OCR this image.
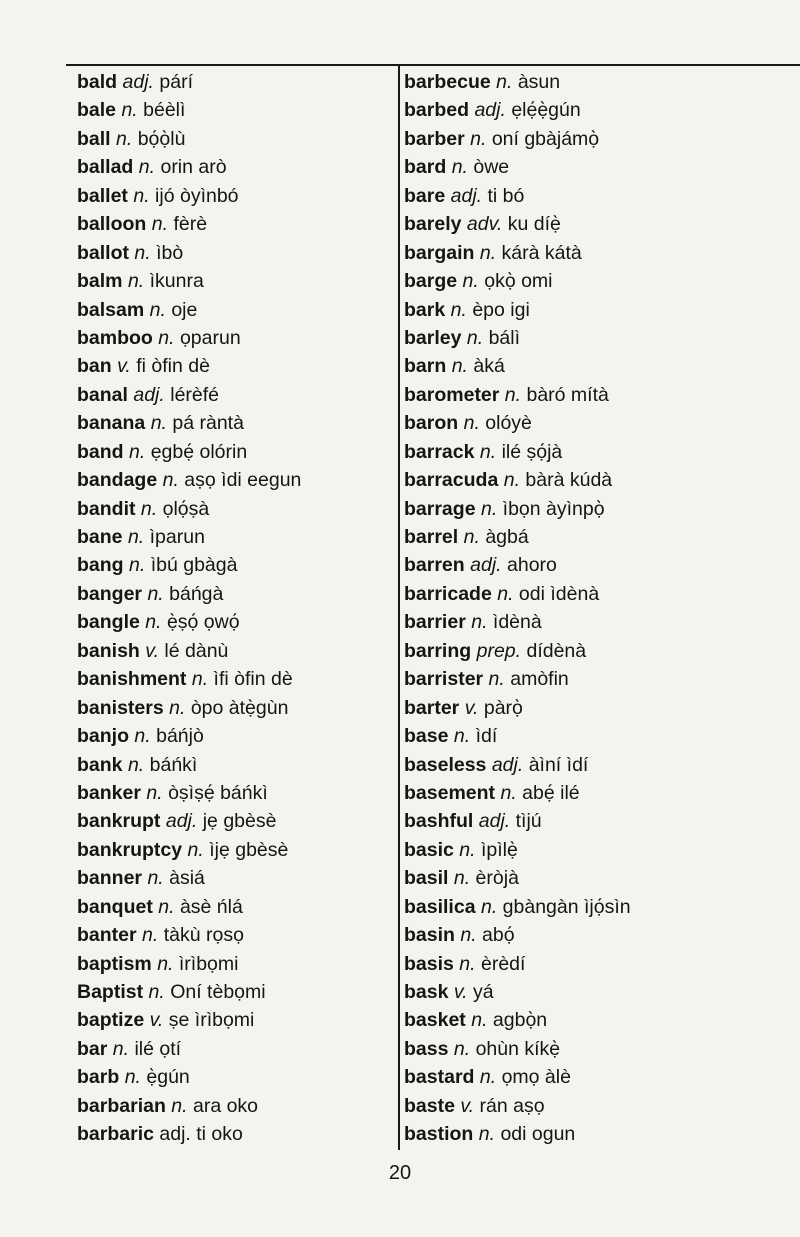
bald adj. párí
bale n. béèlì
ball n. bọ́ọ̀lù
ballad n. orin arò
ballet n. ijó òyìnbó
balloon n. fèrè
ballot n. ìbò
balm n. ìkunra
balsam n. oje
bamboo n. ọparun
ban v. fi òfin dè
banal adj. lérèfé
banana n. pá ràntà
band n. ẹgbẹ́ olórin
bandage n. aṣọ ìdi eegun
bandit n. ọlọ́ṣà
bane n. ìparun
bang n. ìbú gbàgà
banger n. báńgà
bangle n. ẹ̀ṣọ́ ọwọ́
banish v. lé dànù
banishment n. ìfi òfin dè
banisters n. òpo àtẹ̀gùn
banjo n. báńjò
bank n. báńkì
banker n. òṣìṣẹ́ báńkì
bankrupt adj. jẹ gbèsè
bankruptcy n. ìjẹ gbèsè
banner n. àsiá
banquet n. àsè ńlá
banter n. tàkù rọsọ
baptism n. ìrìbọmi
Baptist n. Oní tèbọmi
baptize v. ṣe ìrìbọmi
bar n. ilé ọtí
barb n. ẹ̀gún
barbarian n. ara oko
barbaric adj. ti oko
barbecue n. àsun
barbed adj. ẹlẹ́ẹ̀gún
barber n. oní gbàjámọ̀
bard n. òwe
bare adj. ti bó
barely adv. ku díẹ̀
bargain n. kárà kátà
barge n. ọkọ̀ omi
bark n. èpo igi
barley n. bálì
barn n. àká
barometer n. bàró mítà
baron n. olóyè
barrack n. ilé ṣọ́jà
barracuda n. bàrà kúdà
barrage n. ìbọn àyìnpọ̀
barrel n. àgbá
barren adj. ahoro
barricade n. odi ìdènà
barrier n. ìdènà
barring prep. dídènà
barrister n. amòfin
barter v. pàrọ̀
base n. ìdí
baseless adj. àìní ìdí
basement n. abẹ́ ilé
bashful adj. tìjú
basic n. ìpìlẹ̀
basil n. èròjà
basilica n. gbàngàn ìjọ́sìn
basin n. abọ́
basis n. èrèdí
bask v. yá
basket n. agbọ̀n
bass n. ohùn kíkẹ̀
bastard n. ọmọ àlè
baste v. rán aṣọ
bastion n. odi ogun
20
